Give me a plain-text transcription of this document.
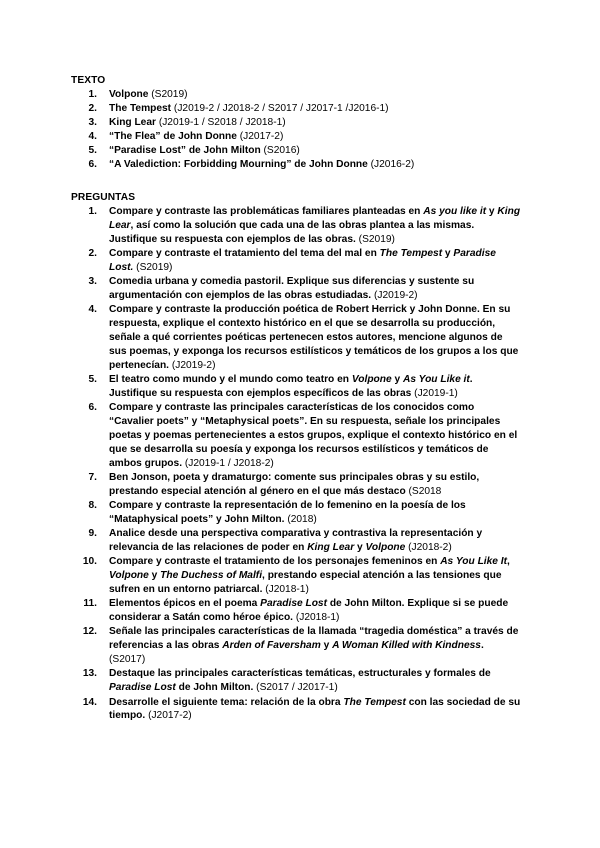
TEXTO
1. Volpone (S2019)
2. The Tempest (J2019-2 / J2018-2 / S2017 / J2017-1 /J2016-1)
3. King Lear (J2019-1 / S2018 / J2018-1)
4. “The Flea” de John Donne (J2017-2)
5. “Paradise Lost” de John Milton (S2016)
6. “A Valediction: Forbidding Mourning” de John Donne (J2016-2)
PREGUNTAS
1. Compare y contraste las problemáticas familiares planteadas en As you like it y King Lear, así como la solución que cada una de las obras plantea a las mismas. Justifique su respuesta con ejemplos de las obras. (S2019)
2. Compare y contraste el tratamiento del tema del mal en The Tempest y Paradise Lost. (S2019)
3. Comedia urbana y comedia pastoril. Explique sus diferencias y sustente su argumentación con ejemplos de las obras estudiadas. (J2019-2)
4. Compare y contraste la producción poética de Robert Herrick y John Donne. En su respuesta, explique el contexto histórico en el que se desarrolla su producción, señale a qué corrientes poéticas pertenecen estos autores, mencione algunos de sus poemas, y exponga los recursos estilísticos y temáticos de los grupos a los que pertenecían. (J2019-2)
5. El teatro como mundo y el mundo como teatro en Volpone y As You Like it. Justifique su respuesta con ejemplos específicos de las obras (J2019-1)
6. Compare y contraste las principales características de los conocidos como “Cavalier poets” y “Metaphysical poets”. En su respuesta, señale los principales poetas y poemas pertenecientes a estos grupos, explique el contexto histórico en el que se desarrolla su poesía y exponga los recursos estilísticos y temáticos de ambos grupos. (J2019-1 / J2018-2)
7. Ben Jonson, poeta y dramaturgo: comente sus principales obras y su estilo, prestando especial atención al género en el que más destaco (S2018
8. Compare y contraste la representación de lo femenino en la poesía de los “Mataphysical poets” y John Milton. (2018)
9. Analice desde una perspectiva comparativa y contrastiva la representación y relevancia de las relaciones de poder en King Lear y Volpone (J2018-2)
10. Compare y contraste el tratamiento de los personajes femeninos en As You Like It, Volpone y The Duchess of Malfi, prestando especial atención a las tensiones que sufren en un entorno patriarcal. (J2018-1)
11. Elementos épicos en el poema Paradise Lost de John Milton. Explique si se puede considerar a Satán como héroe épico. (J2018-1)
12. Señale las principales características de la llamada “tragedia doméstica” a través de referencias a las obras Arden of Faversham y A Woman Killed with Kindness. (S2017)
13. Destaque las principales características temáticas, estructurales y formales de Paradise Lost de John Milton. (S2017 / J2017-1)
14. Desarrolle el siguiente tema: relación de la obra The Tempest con las sociedad de su tiempo. (J2017-2)
